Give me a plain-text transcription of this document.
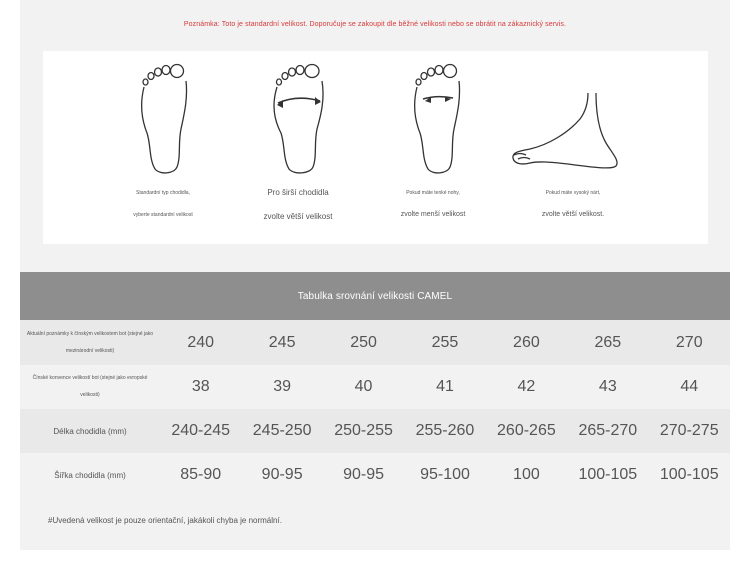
Poznámka: Toto je standardní velikost. Doporučuje se zakoupit dle běžné velikosti nebo se obrátit na zákaznický servis.
Standardní typ chodidla,
vyberte standardní velikost
Pro širší chodidla
zvolte větší velikost
Pokud máte tenké nohy,
zvolte menší velikost
Pokud máte vysoký nárt,
zvolte větší velikost.
Tabulka srovnání velikosti CAMEL
Aktuální poznámky k čínským velikostem bot (stejné jako mezinárodní velikosti)	240	245	250	255	260	265	270
Čínské konvence velikostí bot (stejné jako evropské velikosti)	38	39	40	41	42	43	44
Délka chodidla (mm)	240-245	245-250	250-255	255-260	260-265	265-270	270-275
Šířka chodidla (mm)	85-90	90-95	90-95	95-100	100	100-105	100-105
#Uvedená velikost je pouze orientační, jakákoli chyba je normální.
